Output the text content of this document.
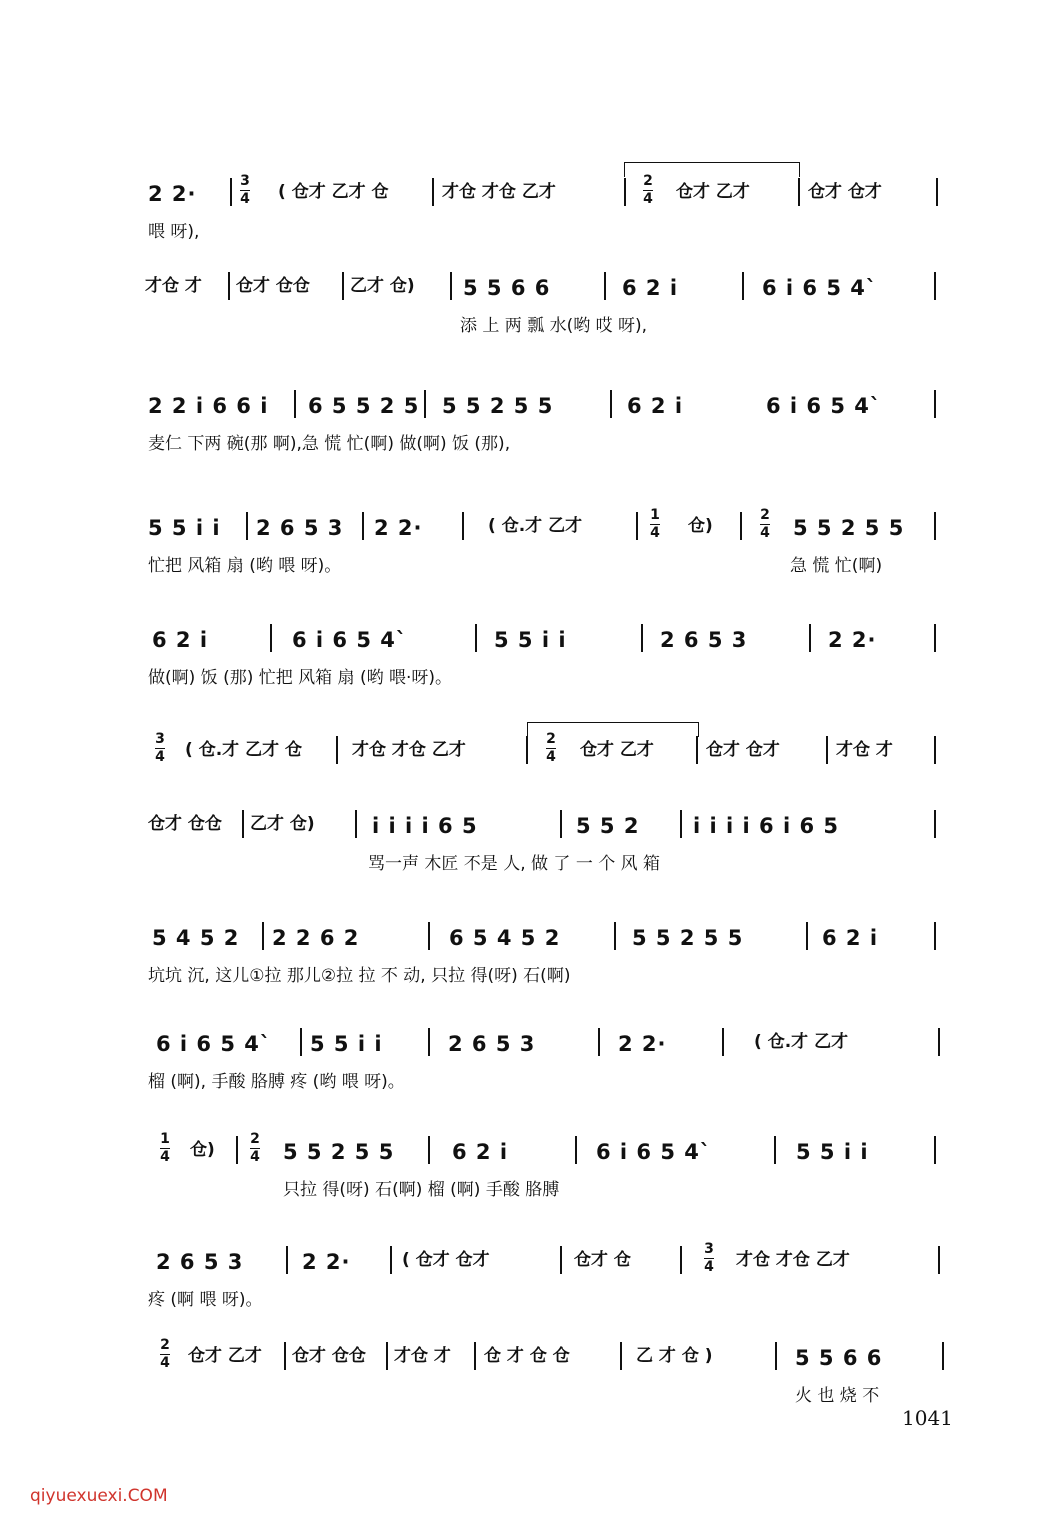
2 2·
3
4 ( 仓才 乙才 仓	才仓 才仓 乙才
2
4 仓才 乙才	仓才 仓才
喂 呀),
才仓 才 仓才 仓仓 乙才 仓) 5 5 6 6	6 2 i	6 i 6 5 4`
添 上 两 瓢 水(哟 哎 呀),
2 2 i 6 6 i 6 5 5 2 5 5 5 2 5 5	6 2 i	6 i 6 5 4`
麦仁 下两 碗(那 啊),急 慌 忙(啊) 做(啊) 饭 (那),
5 5 i i 2 6 5 3 2 2·	( 仓.才 乙才
1
4 仓)
2
4 5 5 2 5 5
忙把 风箱 扇 (哟 喂 呀)。	急 慌 忙(啊)
6 2 i	6 i 6 5 4`	5 5 i i	2 6 5 3	2 2·
做(啊) 饭 (那) 忙把 风箱 扇 (哟 喂·呀)。
3
4 ( 仓.才 乙才 仓	才仓 才仓 乙才
2
4 仓才 乙才	仓才 仓才	才仓 才
仓才 仓仓 乙才 仓)	i i i i 6 5	5 5 2	i i i i 6 i 6 5
骂一声 木匠 不是 人, 做 了 一 个 风 箱
5 4 5 2 2 2 6 2	6 5 4 5 2	5 5 2 5 5	6 2 i
坑坑 沉, 这儿①拉 那儿②拉 拉 不 动, 只拉 得(呀) 石(啊)
6 i 6 5 4` 5 5 i i	2 6 5 3	2 2·	( 仓.才 乙才
榴 (啊), 手酸 胳膊 疼 (哟 喂 呀)。
1
4 仓)
2
4 5 5 2 5 5	6 2 i	6 i 6 5 4`	5 5 i i
只拉 得(呀) 石(啊) 榴 (啊) 手酸 胳膊
2 6 5 3	2 2·	( 仓才 仓才	仓才 仓
3
4 才仓 才仓 乙才
疼 (啊 喂 呀)。
2
4 仓才 乙才 仓才 仓仓 才仓 才 仓 才 仓 仓	乙 才 仓 )	5 5 6 6
火 也 烧 不
1041
qiyuexuexi.COM
